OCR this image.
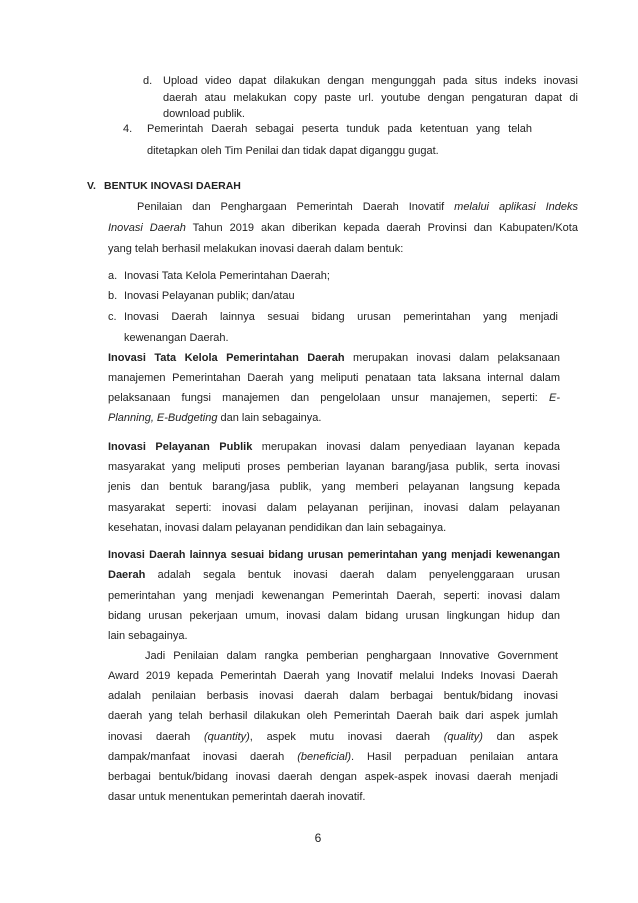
d. Upload video dapat dilakukan dengan mengunggah pada situs indeks inovasi
daerah atau melakukan copy paste url. youtube dengan pengaturan dapat di
download publik.
4. Pemerintah Daerah sebagai peserta tunduk pada ketentuan yang telah
ditetapkan oleh Tim Penilai dan tidak dapat diganggu gugat.
V. BENTUK INOVASI DAERAH
Penilaian dan Penghargaan Pemerintah Daerah Inovatif melalui aplikasi Indeks
Inovasi Daerah Tahun 2019 akan diberikan kepada daerah Provinsi dan Kabupaten/Kota
yang telah berhasil melakukan inovasi daerah dalam bentuk:
a.
b.
c.
Inovasi Tata Kelola Pemerintahan Daerah;
Inovasi Pelayanan publik; dan/atau
Inovasi Daerah lainnya sesuai bidang urusan pemerintahan yang menjadi
kewenangan Daerah.
Inovasi Tata Kelola Pemerintahan Daerah merupakan inovasi dalam pelaksanaan
manajemen Pemerintahan Daerah yang meliputi penataan tata laksana internal dalam
pelaksanaan fungsi manajemen dan pengelolaan unsur manajemen, seperti: E-
Planning, E-Budgeting dan lain sebagainya.
Inovasi Pelayanan Publik merupakan inovasi dalam penyediaan layanan kepada
masyarakat yang meliputi proses pemberian layanan barang/jasa publik, serta inovasi
jenis dan bentuk barang/jasa publik, yang memberi pelayanan langsung kepada
masyarakat seperti: inovasi dalam pelayanan perijinan, inovasi dalam pelayanan
kesehatan, inovasi dalam pelayanan pendidikan dan lain sebagainya.
Inovasi Daerah lainnya sesuai bidang urusan pemerintahan yang menjadi kewenangan
Daerah adalah segala bentuk inovasi daerah dalam penyelenggaraan urusan
pemerintahan yang menjadi kewenangan Pemerintah Daerah, seperti: inovasi dalam
bidang urusan pekerjaan umum, inovasi dalam bidang urusan lingkungan hidup dan
lain sebagainya.
Jadi Penilaian dalam rangka pemberian penghargaan Innovative Government
Award 2019 kepada Pemerintah Daerah yang Inovatif melalui Indeks Inovasi Daerah
adalah penilaian berbasis inovasi daerah dalam berbagai bentuk/bidang inovasi
daerah yang telah berhasil dilakukan oleh Pemerintah Daerah baik dari aspek jumlah
inovasi daerah (quantity), aspek mutu inovasi daerah (quality) dan aspek
dampak/manfaat inovasi daerah (beneficial). Hasil perpaduan penilaian antara
berbagai bentuk/bidang inovasi daerah dengan aspek-aspek inovasi daerah menjadi
dasar untuk menentukan pemerintah daerah inovatif.
6
